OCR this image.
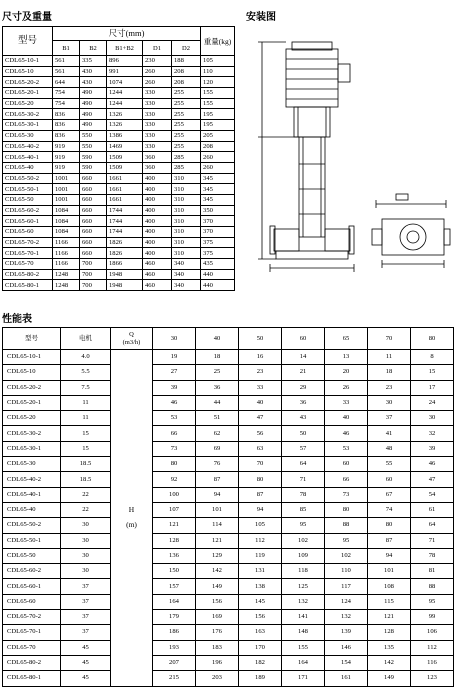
尺寸及重量	安装图
性能表
型号	尺寸(mm)					重量(kg)
	B1	B2	B1+B2	D1	D2	
CDL65-10-1	561	335	896	230	188	105
CDL65-10	561	430	991	260	208	110
CDL65-20-2	644	430	1074	260	208	120
CDL65-20-1	754	490	1244	330	255	155
CDL65-20	754	490	1244	330	255	155
CDL65-30-2	836	490	1326	330	255	195
CDL65-30-1	836	490	1326	330	255	195
CDL65-30	836	550	1386	330	255	205
CDL65-40-2	919	550	1469	330	255	208
CDL65-40-1	919	590	1509	360	285	260
CDL65-40	919	590	1509	360	285	260
CDL65-50-2	1001	660	1661	400	310	345
CDL65-50-1	1001	660	1661	400	310	345
CDL65-50	1001	660	1661	400	310	345
CDL65-60-2	1084	660	1744	400	310	350
CDL65-60-1	1084	660	1744	400	310	370
CDL65-60	1084	660	1744	400	310	370
CDL65-70-2	1166	660	1826	400	310	375
CDL65-70-1	1166	660	1826	400	310	375
CDL65-70	1166	700	1866	460	340	435
CDL65-80-2	1248	700	1948	460	340	440
CDL65-80-1	1248	700	1948	460	340	440
型号	电机	Q
(m3/h)	30	40	50	60	65	70	80
CDL65-10-1	4.0		19	18	16	14	13	11	8
CDL65-10	5.5		27	25	23	21	20	18	15
CDL65-20-2	7.5		39	36	33	29	26	23	17
CDL65-20-1	11		46	44	40	36	33	30	24
CDL65-20	11		53	51	47	43	40	37	30
CDL65-30-2	15		66	62	56	50	46	41	32
CDL65-30-1	15		73	69	63	57	53	48	39
CDL65-30	18.5		80	76	70	64	60	55	46
CDL65-40-2	18.5		92	87	80	71	66	60	47
CDL65-40-1	22		100	94	87	78	73	67	54
CDL65-40	22	H	107	101	94	85	80	74	61
CDL65-50-2	30	(m)	121	114	105	95	88	80	64
CDL65-50-1	30		128	121	112	102	95	87	71
CDL65-50	30		136	129	119	109	102	94	78
CDL65-60-2	30		150	142	131	118	110	101	81
CDL65-60-1	37		157	149	138	125	117	108	88
CDL65-60	37		164	156	145	132	124	115	95
CDL65-70-2	37		179	169	156	141	132	121	99
CDL65-70-1	37		186	176	163	148	139	128	106
CDL65-70	45		193	183	170	155	146	135	112
CDL65-80-2	45		207	196	182	164	154	142	116
CDL65-80-1	45		215	203	189	171	161	149	123
